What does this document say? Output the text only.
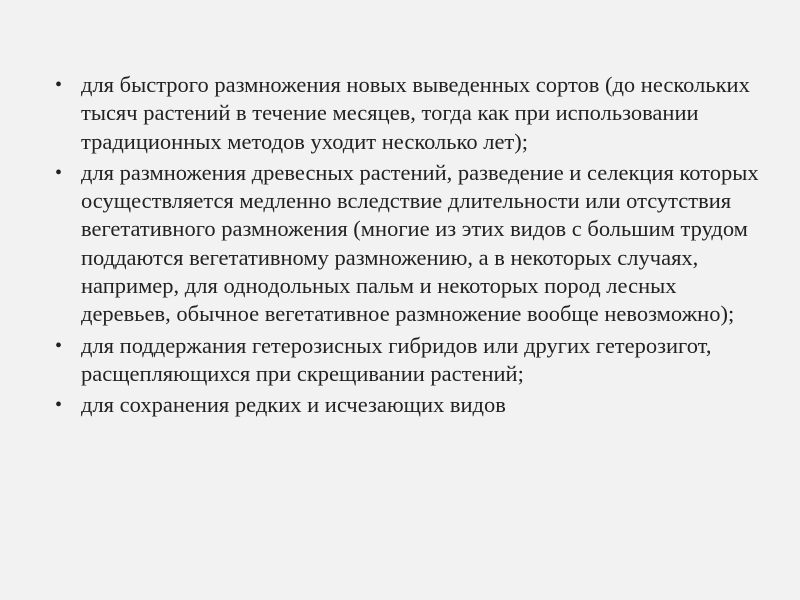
• для быстрого размножения новых выведенных сортов (до нескольких тысяч растений в течение месяцев, тогда как при использовании традиционных методов уходит несколько лет);
• для размножения древесных растений, разведение и селекция которых осуществляется медленно вследствие длительности или отсутствия вегетативного размножения (многие из этих видов с большим трудом поддаются вегетативному размножению, а в некоторых случаях, например, для однодольных пальм и некоторых пород лесных деревьев, обычное вегетативное размножение вообще невозможно);
• для поддержания гетерозисных гибридов или других гетерозигот, расщепляющихся при скрещивании растений;
• для сохранения редких и исчезающих видов
